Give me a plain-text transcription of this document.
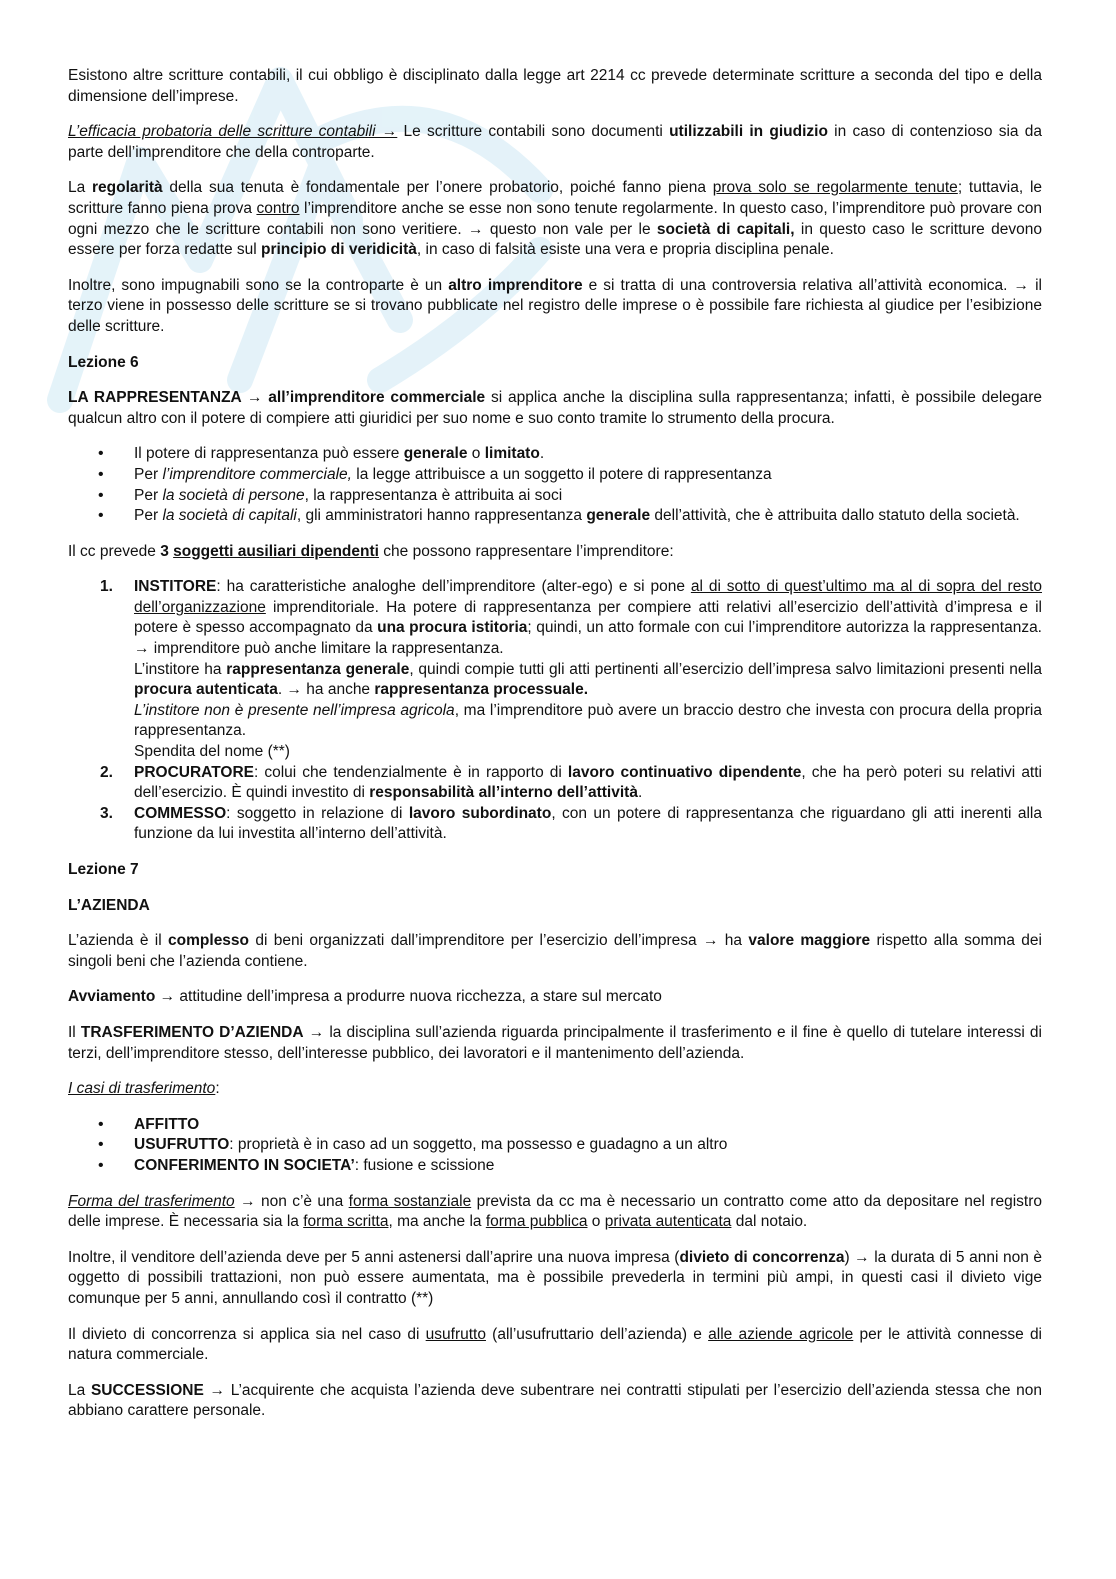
Esistono altre scritture contabili, il cui obbligo è disciplinato dalla legge art 2214 cc prevede determinate scritture a seconda del tipo e della dimensione dell’imprese.

L’efficacia probatoria delle scritture contabili → Le scritture contabili sono documenti utilizzabili in giudizio in caso di contenzioso sia da parte dell’imprenditore che della controparte.

La regolarità della sua tenuta è fondamentale per l’onere probatorio, poiché fanno piena prova solo se regolarmente tenute; tuttavia, le scritture fanno piena prova contro l’imprenditore anche se esse non sono tenute regolarmente. In questo caso, l’imprenditore può provare con ogni mezzo che le scritture contabili non sono veritiere. → questo non vale per le società di capitali, in questo caso le scritture devono essere per forza redatte sul principio di veridicità, in caso di falsità esiste una vera e propria disciplina penale.

Inoltre, sono impugnabili sono se la controparte è un altro imprenditore e si tratta di una controversia relativa all’attività economica. → il terzo viene in possesso delle scritture se si trovano pubblicate nel registro delle imprese o è possibile fare richiesta al giudice per l’esibizione delle scritture.

Lezione 6

LA RAPPRESENTANZA → all’imprenditore commerciale si applica anche la disciplina sulla rappresentanza; infatti, è possibile delegare qualcun altro con il potere di compiere atti giuridici per suo nome e suo conto tramite lo strumento della procura.

• Il potere di rappresentanza può essere generale o limitato.
• Per l’imprenditore commerciale, la legge attribuisce a un soggetto il potere di rappresentanza
• Per la società di persone, la rappresentanza è attribuita ai soci
• Per la società di capitali, gli amministratori hanno rappresentanza generale dell’attività, che è attribuita dallo statuto della società.

Il cc prevede 3 soggetti ausiliari dipendenti che possono rappresentare l’imprenditore:

1. INSTITORE: ha caratteristiche analoghe dell’imprenditore (alter-ego) e si pone al di sotto di quest’ultimo ma al di sopra del resto dell’organizzazione imprenditoriale. Ha potere di rappresentanza per compiere atti relativi all’esercizio dell’attività d’impresa e il potere è spesso accompagnato da una procura istitoria; quindi, un atto formale con cui l’imprenditore autorizza la rappresentanza. → imprenditore può anche limitare la rappresentanza.
L’institore ha rappresentanza generale, quindi compie tutti gli atti pertinenti all’esercizio dell’impresa salvo limitazioni presenti nella procura autenticata. → ha anche rappresentanza processuale.
L’institore non è presente nell’impresa agricola, ma l’imprenditore può avere un braccio destro che investa con procura della propria rappresentanza.
Spendita del nome (**)
2. PROCURATORE: colui che tendenzialmente è in rapporto di lavoro continuativo dipendente, che ha però poteri su relativi atti dell’esercizio. È quindi investito di responsabilità all’interno dell’attività.
3. COMMESSO: soggetto in relazione di lavoro subordinato, con un potere di rappresentanza che riguardano gli atti inerenti alla funzione da lui investita all’interno dell’attività.
Lezione 7
L’AZIENDA

L’azienda è il complesso di beni organizzati dall’imprenditore per l’esercizio dell’impresa → ha valore maggiore rispetto alla somma dei singoli beni che l’azienda contiene.

Avviamento → attitudine dell’impresa a produrre nuova ricchezza, a stare sul mercato

Il TRASFERIMENTO D’AZIENDA → la disciplina sull’azienda riguarda principalmente il trasferimento e il fine è quello di tutelare interessi di terzi, dell’imprenditore stesso, dell’interesse pubblico, dei lavoratori e il mantenimento dell’azienda.

I casi di trasferimento:

• AFFITTO
• USUFRUTTO: proprietà è in caso ad un soggetto, ma possesso e guadagno a un altro
• CONFERIMENTO IN SOCIETA’: fusione e scissione

Forma del trasferimento → non c’è una forma sostanziale prevista da cc ma è necessario un contratto come atto da depositare nel registro delle imprese. È necessaria sia la forma scritta, ma anche la forma pubblica o privata autenticata dal notaio.

Inoltre, il venditore dell’azienda deve per 5 anni astenersi dall’aprire una nuova impresa (divieto di concorrenza) → la durata di 5 anni non è oggetto di possibili trattazioni, non può essere aumentata, ma è possibile prevederla in termini più ampi, in questi casi il divieto vige comunque per 5 anni, annullando così il contratto (**)

Il divieto di concorrenza si applica sia nel caso di usufrutto (all’usufruttario dell’azienda) e alle aziende agricole per le attività connesse di natura commerciale.

La SUCCESSIONE → L’acquirente che acquista l’azienda deve subentrare nei contratti stipulati per l’esercizio dell’azienda stessa che non abbiano carattere personale.
